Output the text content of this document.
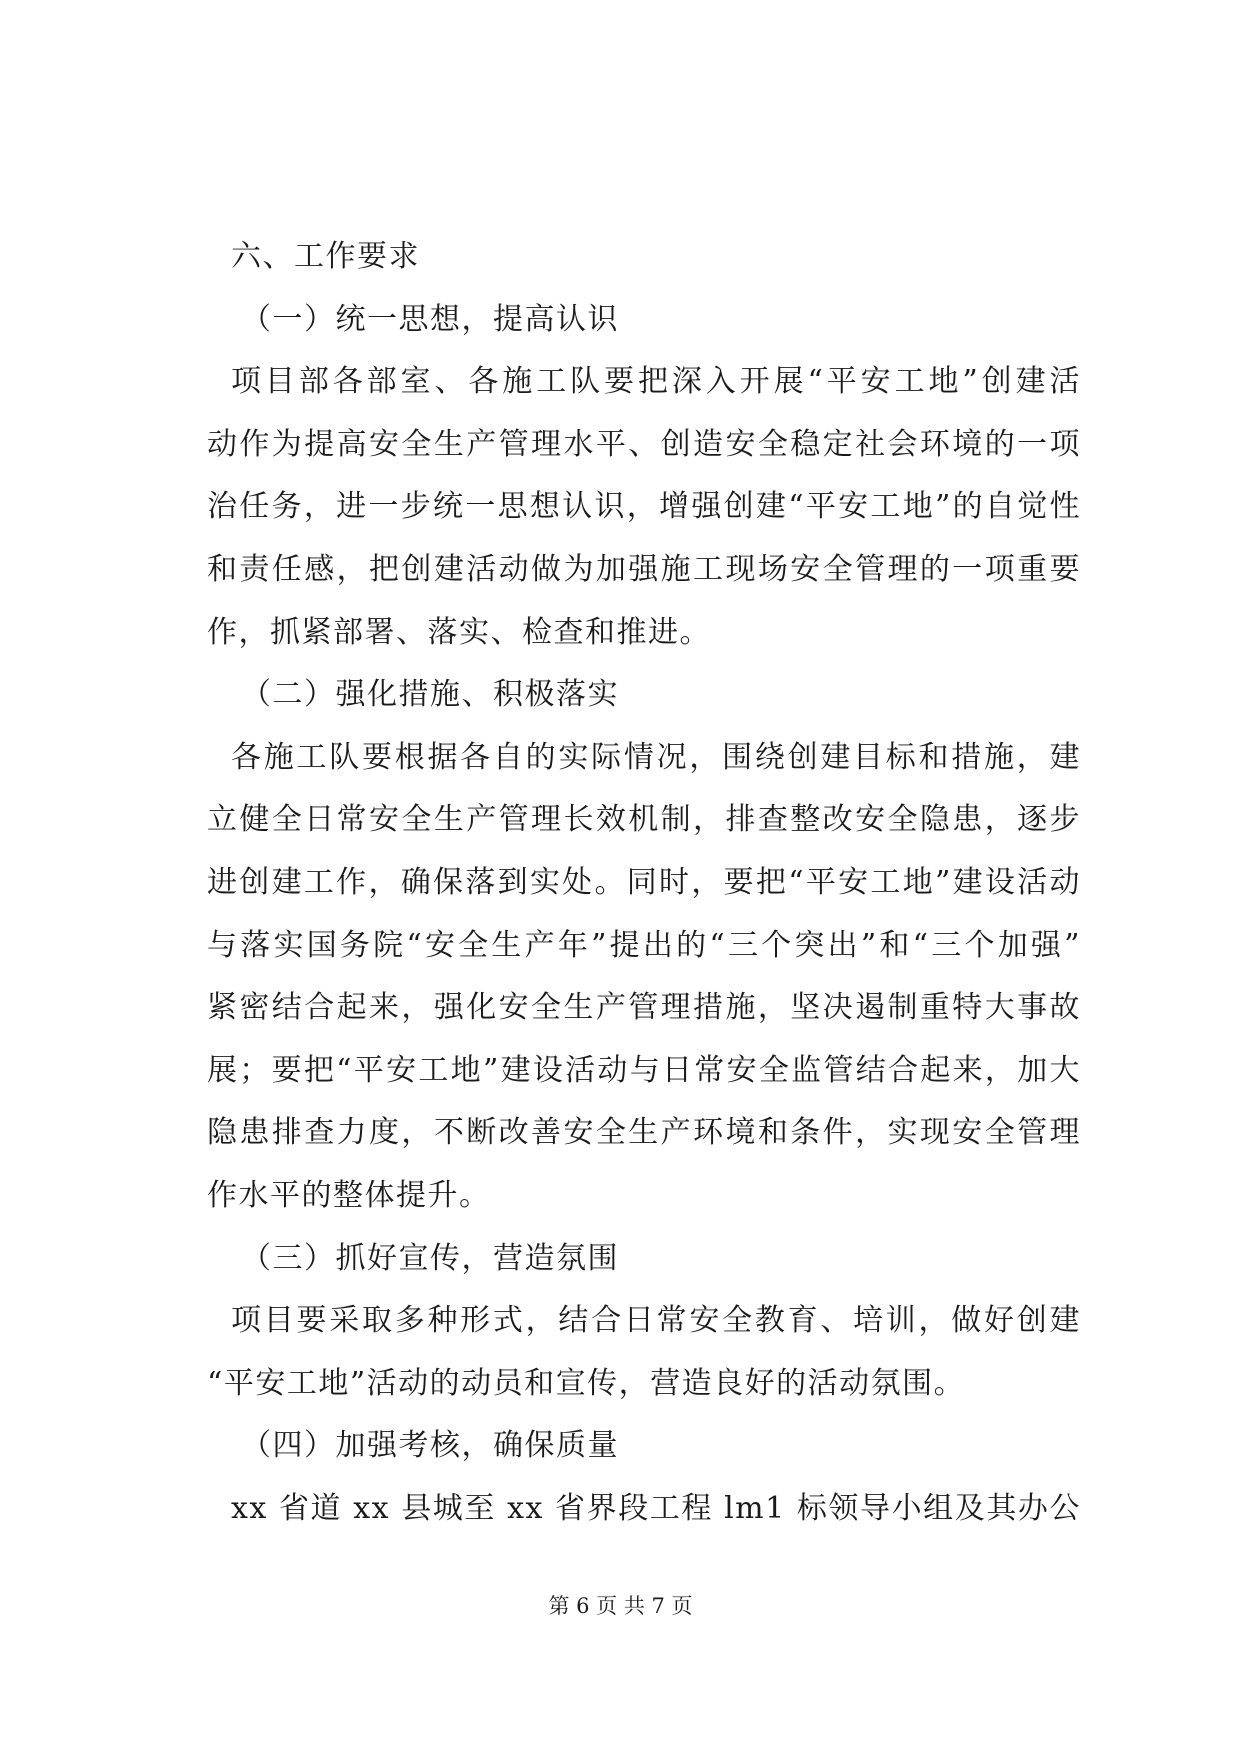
六、工作要求
（一）统一思想，提高认识
项目部各部室、各施工队要把深入开展“平安工地”创建活
动作为提高安全生产管理水平、创造安全稳定社会环境的一项
治任务，进一步统一思想认识，增强创建“平安工地”的自觉性
和责任感，把创建活动做为加强施工现场安全管理的一项重要
作，抓紧部署、落实、检查和推进。
（二）强化措施、积极落实
各施工队要根据各自的实际情况，围绕创建目标和措施，建
立健全日常安全生产管理长效机制，排查整改安全隐患，逐步
进创建工作，确保落到实处。同时，要把“平安工地”建设活动
与落实国务院“安全生产年”提出的“三个突出”和“三个加强”
紧密结合起来，强化安全生产管理措施，坚决遏制重特大事故
展；要把“平安工地”建设活动与日常安全监管结合起来，加大
隐患排查力度，不断改善安全生产环境和条件，实现安全管理
作水平的整体提升。
（三）抓好宣传，营造氛围
项目要采取多种形式，结合日常安全教育、培训，做好创建
“平安工地”活动的动员和宣传，营造良好的活动氛围。
（四）加强考核，确保质量
xx 省道 xx 县城至 xx 省界段工程 lm1 标领导小组及其办公
第 6 页 共 7 页
